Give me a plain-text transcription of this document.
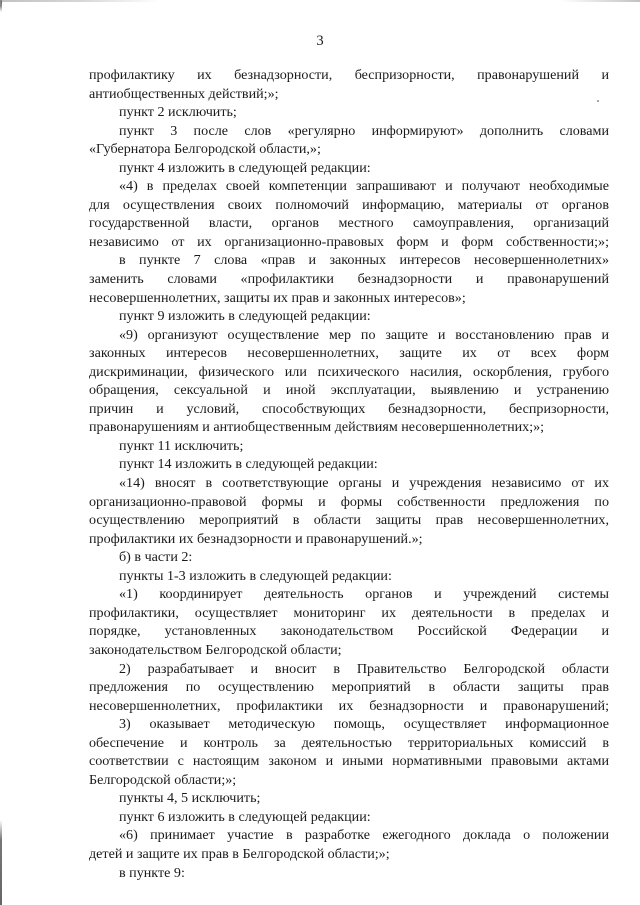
'
3
профилактику их безнадзорности, беспризорности, правонарушений и
антиобщественных действий;»;
пункт 2 исключить;
пункт 3 после слов «регулярно информируют» дополнить словами
«Губернатора Белгородской области,»;
пункт 4 изложить в следующей редакции:
«4) в пределах своей компетенции запрашивают и получают необходимые
для осуществления своих полномочий информацию, материалы от органов
государственной власти, органов местного самоуправления, организаций
независимо от их организационно-правовых форм и форм собственности;»;
в пункте 7 слова «прав и законных интересов несовершеннолетних»
заменить словами «профилактики безнадзорности и правонарушений
несовершеннолетних, защиты их прав и законных интересов»;
пункт 9 изложить в следующей редакции:
«9) организуют осуществление мер по защите и восстановлению прав и
законных интересов несовершеннолетних, защите их от всех форм
дискриминации, физического или психического насилия, оскорбления, грубого
обращения, сексуальной и иной эксплуатации, выявлению и устранению
причин и условий, способствующих безнадзорности, беспризорности,
правонарушениям и антиобщественным действиям несовершеннолетних;»;
пункт 11 исключить;
пункт 14 изложить в следующей редакции:
«14) вносят в соответствующие органы и учреждения независимо от их
организационно-правовой формы и формы собственности предложения по
осуществлению мероприятий в области защиты прав несовершеннолетних,
профилактики их безнадзорности и правонарушений.»;
б) в части 2:
пункты 1-3 изложить в следующей редакции:
«1) координирует деятельность органов и учреждений системы
профилактики, осуществляет мониторинг их деятельности в пределах и
порядке, установленных законодательством Российской Федерации и
законодательством Белгородской области;
2) разрабатывает и вносит в Правительство Белгородской области
предложения по осуществлению мероприятий в области защиты прав
несовершеннолетних, профилактики их безнадзорности и правонарушений;
3) оказывает методическую помощь, осуществляет информационное
обеспечение и контроль за деятельностью территориальных комиссий в
соответствии с настоящим законом и иными нормативными правовыми актами
Белгородской области;»;
пункты 4, 5 исключить;
пункт 6 изложить в следующей редакции:
«6) принимает участие в разработке ежегодного доклада о положении
детей и защите их прав в Белгородской области;»;
в пункте 9:
